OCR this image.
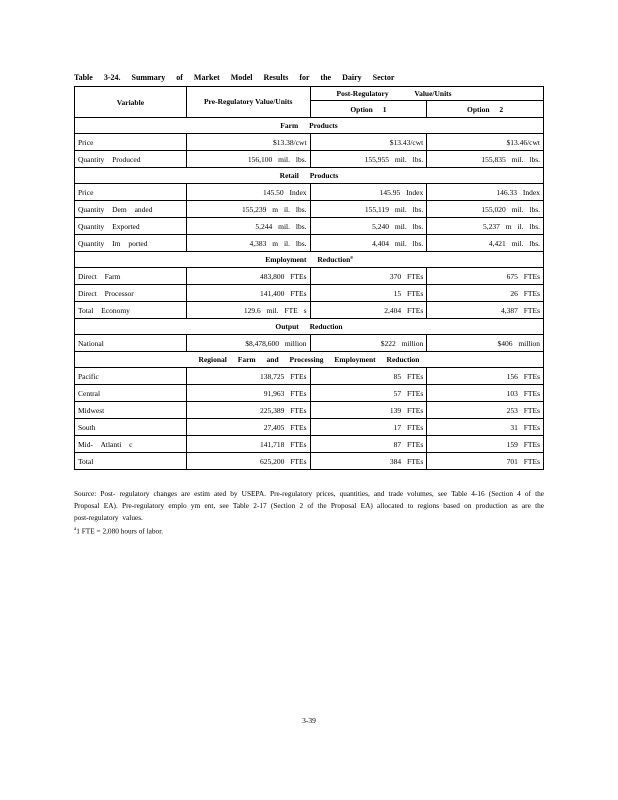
Table 3-24. Summary of Market Model Results for the Dairy Sector
Variable	Pre-Regulatory Value/Units	Post-Regulatory Value/Units	
		Option 1	Option 2
Farm Products			
Price	$13.38/cwt	$13.43/cwt	$13.46/cwt
Quantity Produced	156,100 mil. lbs.	155,955 mil. lbs.	155,835 mil. lbs.
Retail Products			
Price	145.50 Index	145.95 Index	146.33 Index
Quantity Dem anded	155,239 m il. lbs.	155,119 mil. lbs.	155,020 mil. lbs.
Quantity Exported	5,244 mil. lbs.	5,240 mil. lbs.	5,237 m il. lbs.
Quantity Im ported	4,383 m il. lbs.	4,404 mil. lbs.	4,421 mil. lbs.
Employment Reduction$^a$
Direct Farm	483,800 FTEs	370 FTEs	675 FTEs
Direct Processor	141,400 FTEs	15 FTEs	26 FTEs
Total Economy	129.6 mil. FTE s	2,404 FTEs	4,387 FTEs
Output Reduction			
National	$8,478,600 million	$222 million	$406 million
Regional Farm and Processing Employment Reduction			
Pacific	138,725 FTEs	85 FTEs	156 FTEs
Central	91,963 FTEs	57 FTEs	103 FTEs
Midwest	225,389 FTEs	139 FTEs	253 FTEs
South	27,405 FTEs	17 FTEs	31 FTEs
Mid- Atlanti c	141,718 FTEs	87 FTEs	159 FTEs
Total	625,200 FTEs	384 FTEs	701 FTEs

Source: Post- regulatory changes are estim ated by USEPA. Pre-regulatory prices, quantities, and trade volumes, see Table 4-16 (Section 4 of the Proposal EA). Pre-regulatory emplo ym ent, see Table 2-17 (Section 2 of the Proposal EA) allocated to regions based on production as are the post-regulatory values.

$^a$1 FTE = 2,080 hours of labor.

3-39
